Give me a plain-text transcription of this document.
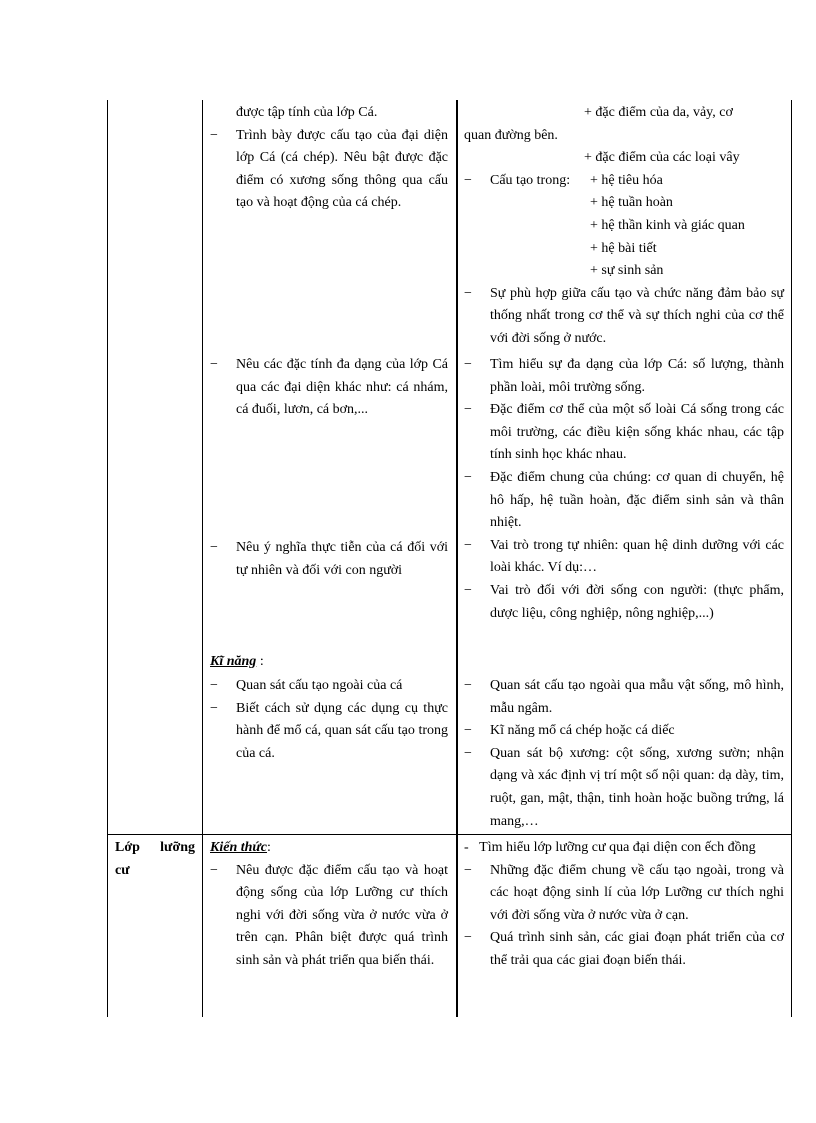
được tập tính của lớp Cá.
− Trình bày được cấu tạo của đại diện lớp Cá (cá chép). Nêu bật được đặc điểm có xương sống thông qua cấu tạo và hoạt động của cá chép.
+ đặc điểm của da, vảy, cơ
quan đường bên.
+ đặc điểm của các loại vây
− Cấu tạo trong: + hệ tiêu hóa
+ hệ tuần hoàn
+ hệ thần kinh và giác quan
+ hệ bài tiết
+ sự sinh sản
− Sự phù hợp giữa cấu tạo và chức năng đảm bảo sự thống nhất trong cơ thể và sự thích nghi của cơ thể với đời sống ở nước.
− Nêu các đặc tính đa dạng của lớp Cá qua các đại diện khác như: cá nhám, cá đuối, lươn, cá bơn,...
− Nêu ý nghĩa thực tiễn của cá đối với tự nhiên và đối với con người
− Tìm hiểu sự đa dạng của lớp Cá: số lượng, thành phần loài, môi trường sống.
− Đặc điểm cơ thể của một số loài Cá sống trong các môi trường, các điều kiện sống khác nhau, các tập tính sinh học khác nhau.
− Đặc điểm chung của chúng: cơ quan di chuyển, hệ hô hấp, hệ tuần hoàn, đặc điểm sinh sản và thân nhiệt.
− Vai trò trong tự nhiên: quan hệ dinh dưỡng với các loài khác. Ví dụ:…
− Vai trò đối với đời sống con người: (thực phẩm, dược liệu, công nghiệp, nông nghiệp,...)
Kĩ năng :
− Quan sát cấu tạo ngoài của cá
− Biết cách sử dụng các dụng cụ thực hành để mổ cá, quan sát cấu tạo trong của cá.
− Quan sát cấu tạo ngoài qua mẫu vật sống, mô hình, mẫu ngâm.
− Kĩ năng mổ cá chép hoặc cá diếc
− Quan sát bộ xương: cột sống, xương sườn; nhận dạng và xác định vị trí một số nội quan: dạ dày, tim, ruột, gan, mật, thận, tinh hoàn hoặc buồng trứng, lá mang,…
Lớp lưỡng cư
Kiến thức:
− Nêu được đặc điểm cấu tạo và hoạt động sống của lớp Lưỡng cư thích nghi với đời sống vừa ở nước vừa ở trên cạn. Phân biệt được quá trình sinh sản và phát triển qua biến thái.
- Tìm hiểu lớp lưỡng cư qua đại diện con ếch đồng
− Những đặc điểm chung về cấu tạo ngoài, trong và các hoạt động sinh lí của lớp Lưỡng cư thích nghi với đời sống vừa ở nước vừa ở cạn.
− Quá trình sinh sản, các giai đoạn phát triển của cơ thể trải qua các giai đoạn biến thái.
